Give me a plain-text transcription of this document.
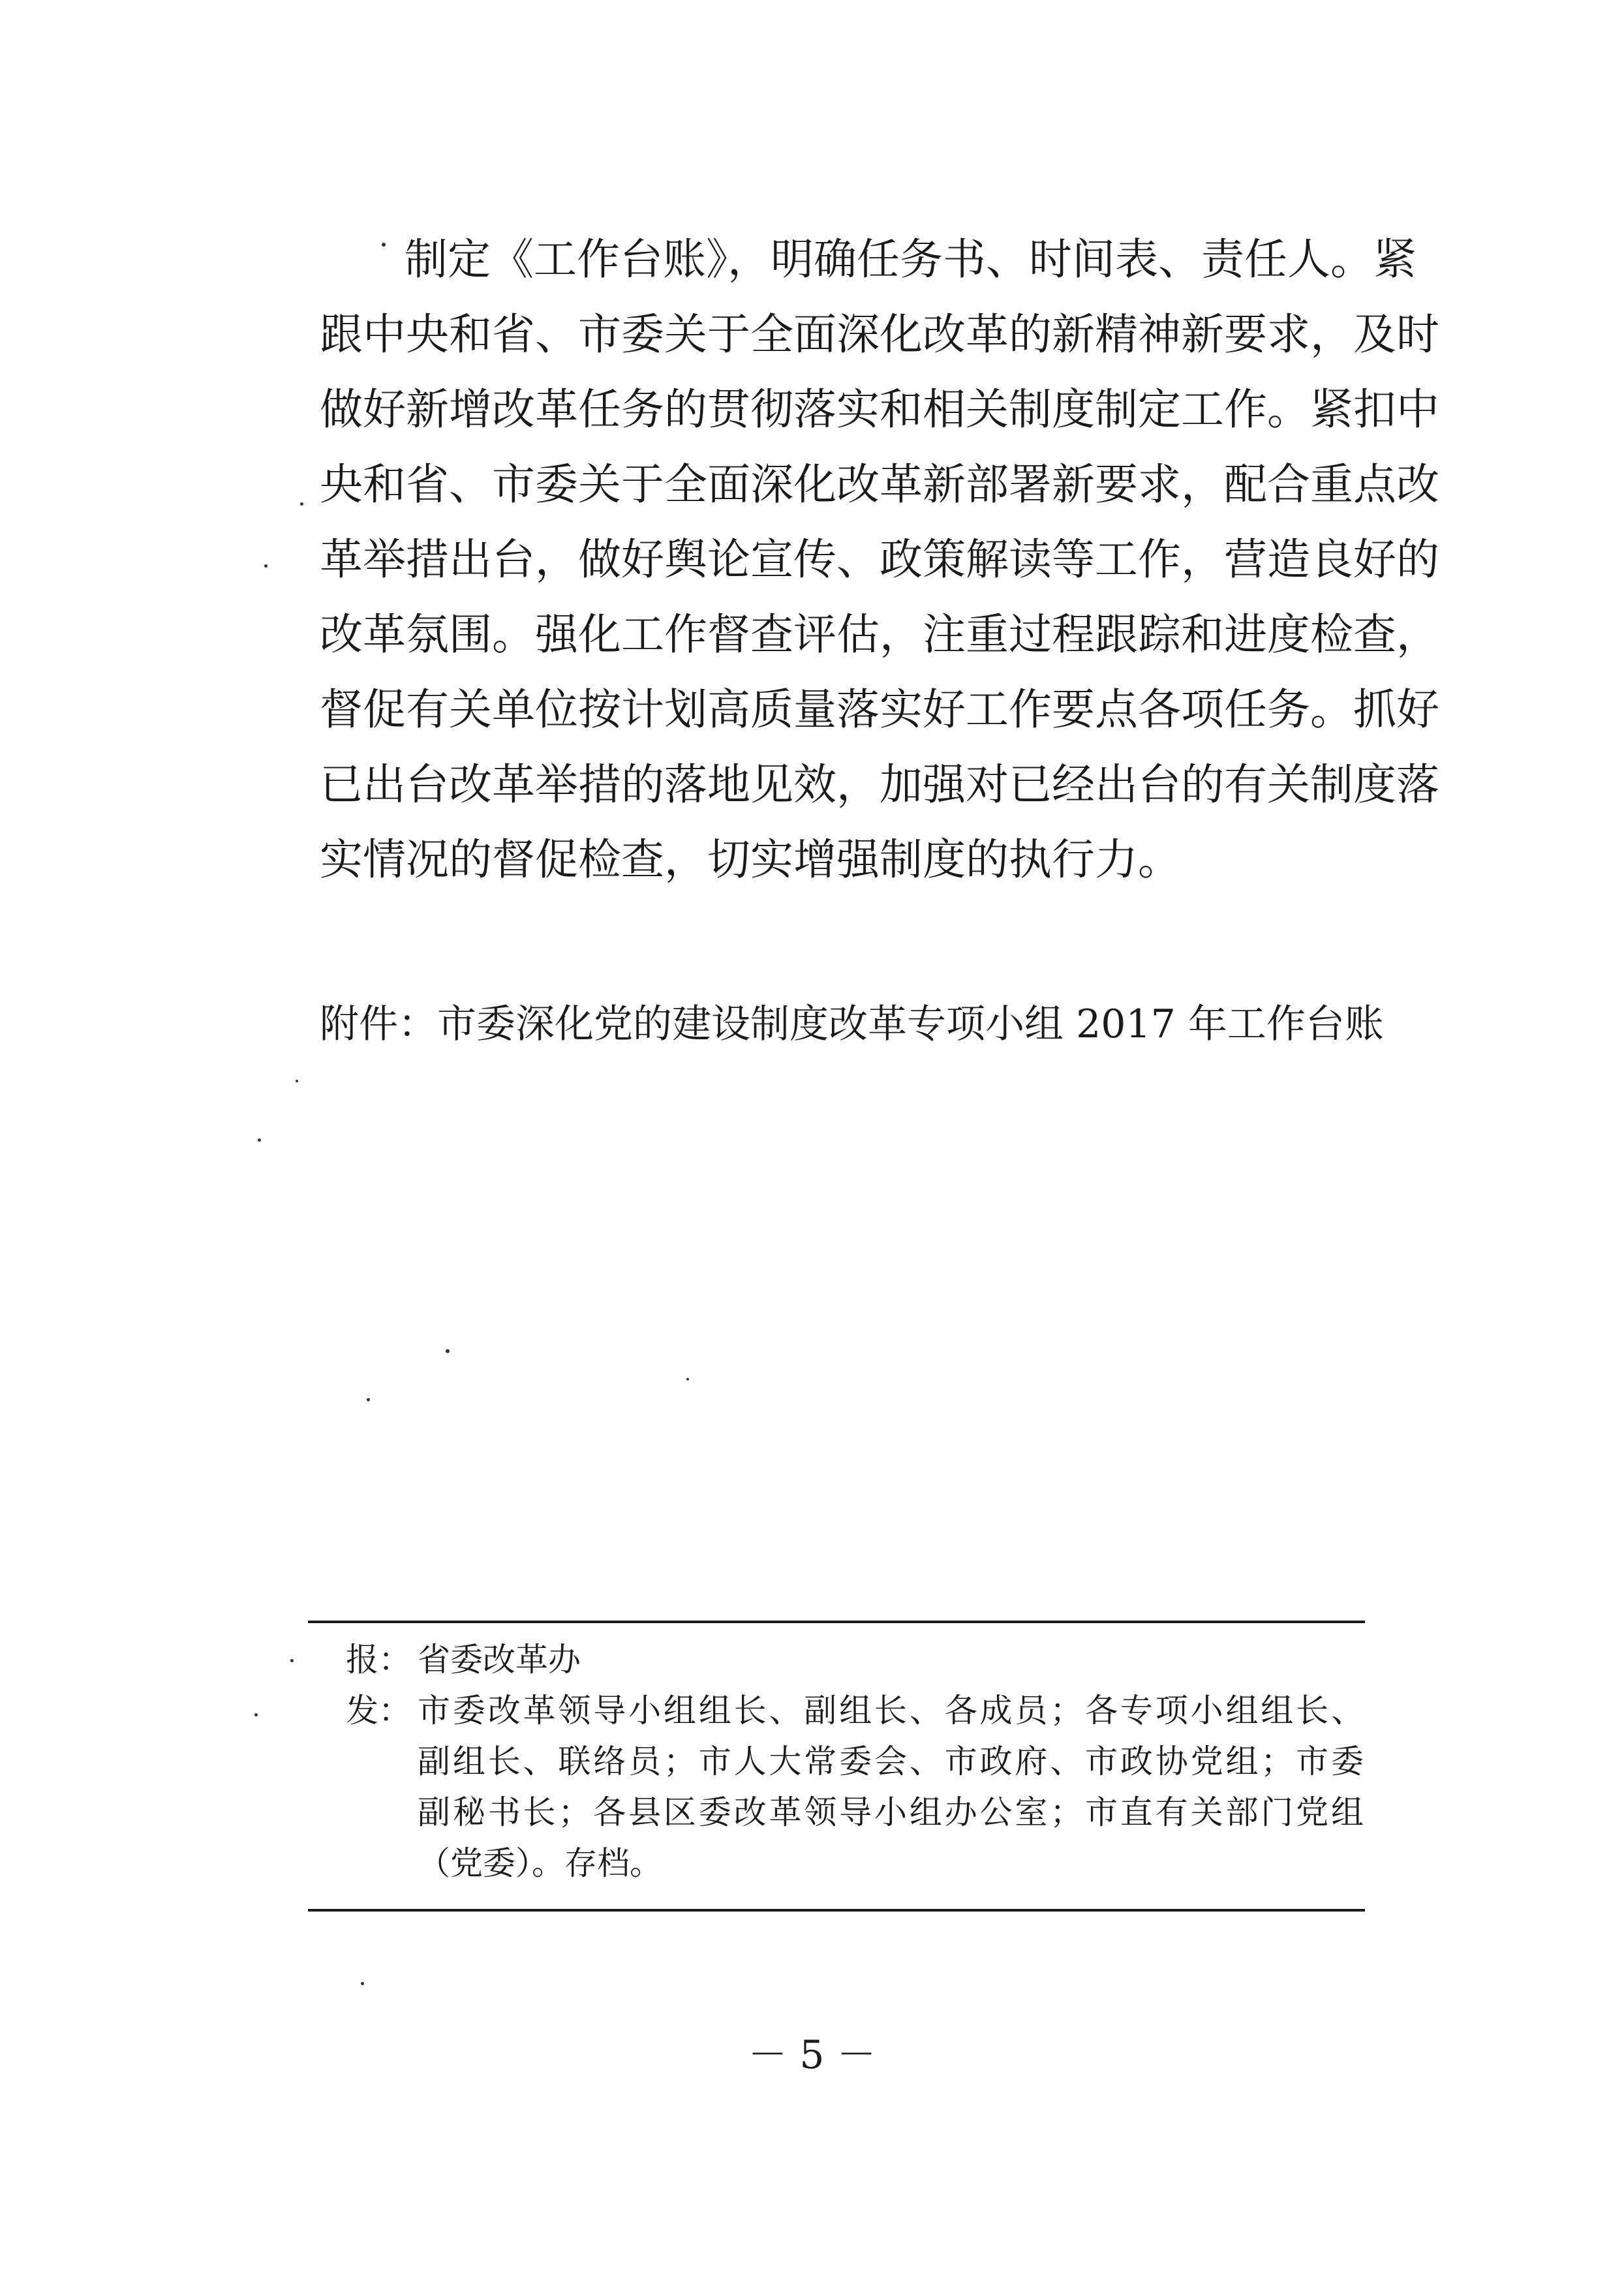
制定《工作台账》，明确任务书、时间表、责任人。紧
跟中央和省、市委关于全面深化改革的新精神新要求，及时
做好新增改革任务的贯彻落实和相关制度制定工作。紧扣中
央和省、市委关于全面深化改革新部署新要求，配合重点改
革举措出台，做好舆论宣传、政策解读等工作，营造良好的
改革氛围。强化工作督查评估，注重过程跟踪和进度检查，
督促有关单位按计划高质量落实好工作要点各项任务。抓好
已出台改革举措的落地见效，加强对已经出台的有关制度落
实情况的督促检查，切实增强制度的执行力。
附件：市委深化党的建设制度改革专项小组 2017 年工作台账
报： 省委改革办
发： 市委改革领导小组组长、副组长、各成员；各专项小组组长、
副组长、联络员；市人大常委会、市政府、市政协党组；市委
副秘书长；各县区委改革领导小组办公室；市直有关部门党组
（党委）。存档。
－ 5 －
